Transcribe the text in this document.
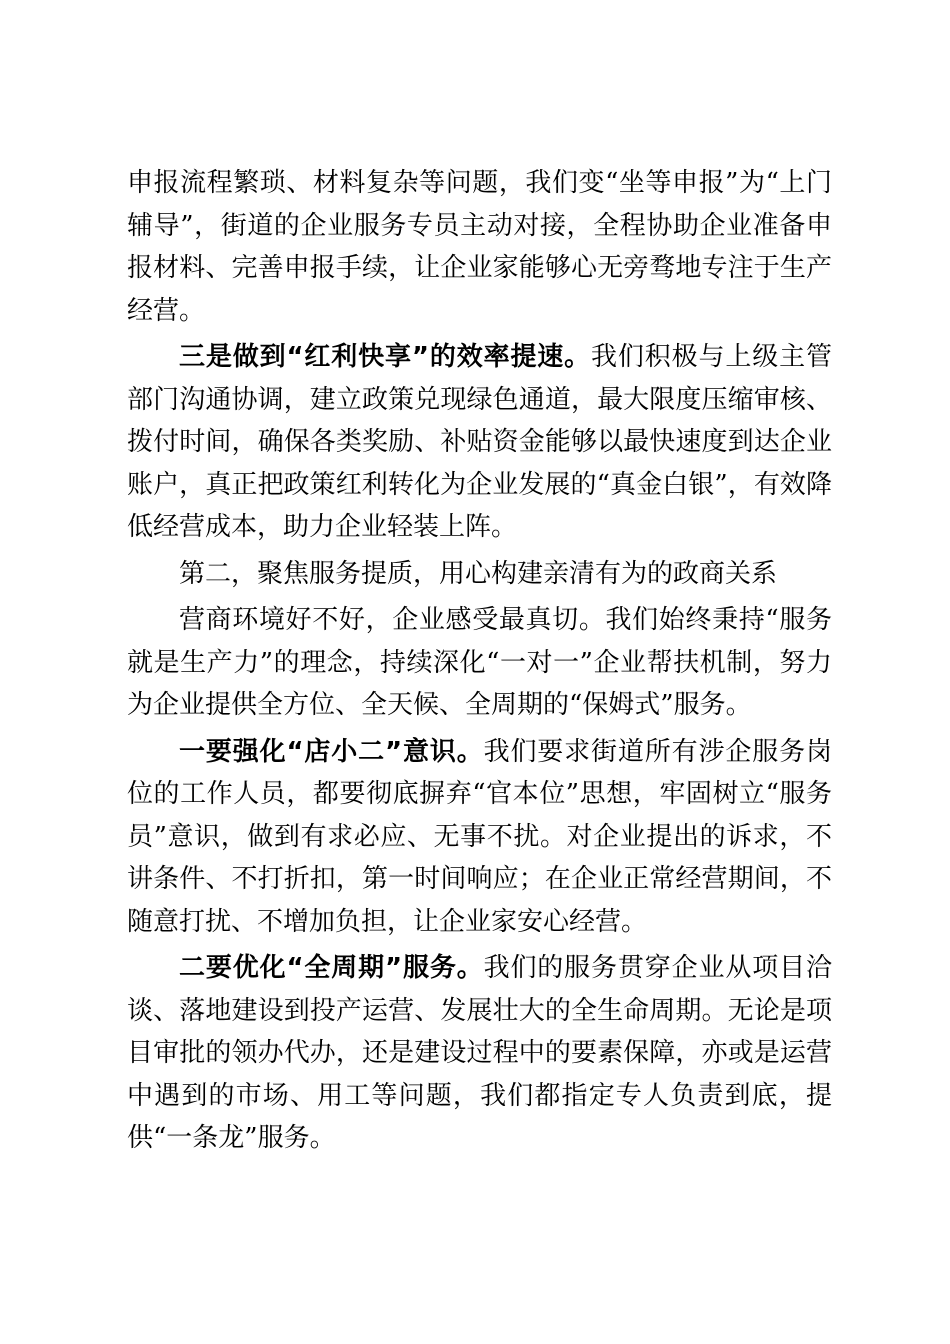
申报流程繁琐、材料复杂等问题，我们变“坐等申报”为“上门辅导”，街道的企业服务专员主动对接，全程协助企业准备申报材料、完善申报手续，让企业家能够心无旁骛地专注于生产经营。

三是做到“红利快享”的效率提速。我们积极与上级主管部门沟通协调，建立政策兑现绿色通道，最大限度压缩审核、拨付时间，确保各类奖励、补贴资金能够以最快速度到达企业账户，真正把政策红利转化为企业发展的“真金白银”，有效降低经营成本，助力企业轻装上阵。

第二，聚焦服务提质，用心构建亲清有为的政商关系

营商环境好不好，企业感受最真切。我们始终秉持“服务就是生产力”的理念，持续深化“一对一”企业帮扶机制，努力为企业提供全方位、全天候、全周期的“保姆式”服务。

一要强化“店小二”意识。我们要求街道所有涉企服务岗位的工作人员，都要彻底摒弃“官本位”思想，牢固树立“服务员”意识，做到有求必应、无事不扰。对企业提出的诉求，不讲条件、不打折扣，第一时间响应；在企业正常经营期间，不随意打扰、不增加负担，让企业家安心经营。

二要优化“全周期”服务。我们的服务贯穿企业从项目洽谈、落地建设到投产运营、发展壮大的全生命周期。无论是项目审批的领办代办，还是建设过程中的要素保障，亦或是运营中遇到的市场、用工等问题，我们都指定专人负责到底，提供“一条龙”服务。
